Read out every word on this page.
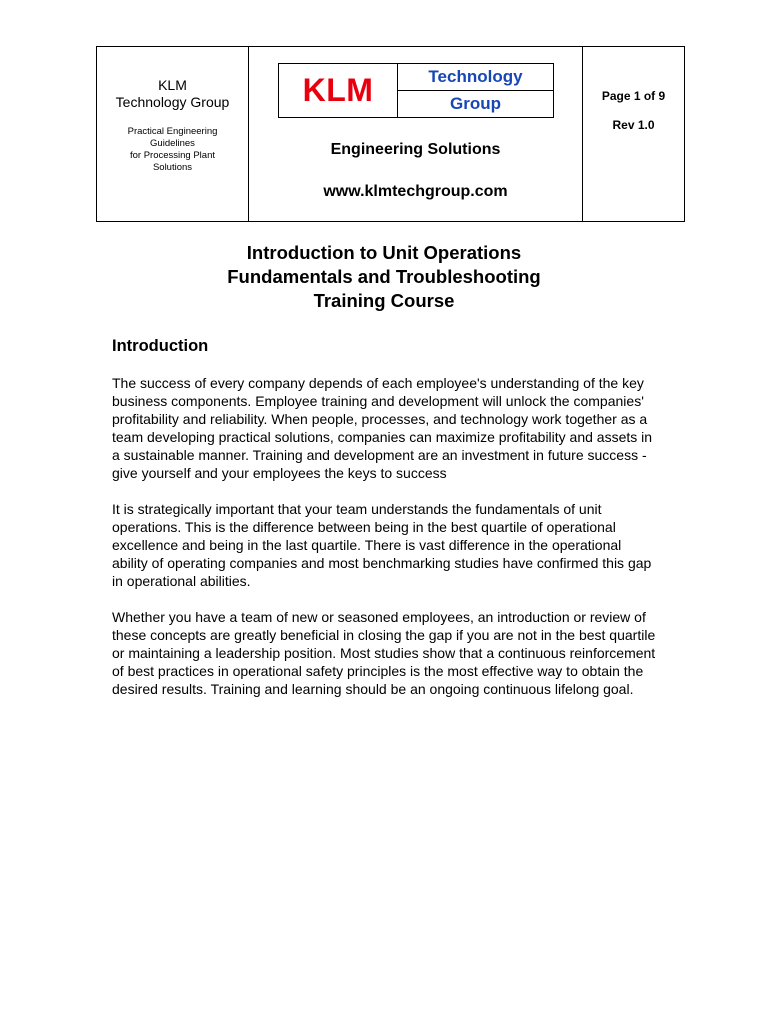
KLM
Technology Group
Practical Engineering
Guidelines
for Processing Plant
Solutions
KLM	Technology
Group
Engineering Solutions
www.klmtechgroup.com
Page 1 of 9
Rev 1.0
Introduction to Unit Operations
Fundamentals and Troubleshooting
Training Course
Introduction

The success of every company depends of each employee's understanding of the key business components. Employee training and development will unlock the companies' profitability and reliability. When people, processes, and technology work together as a team developing practical solutions, companies can maximize profitability and assets in a sustainable manner. Training and development are an investment in future success - give yourself and your employees the keys to success

It is strategically important that your team understands the fundamentals of unit operations. This is the difference between being in the best quartile of operational excellence and being in the last quartile. There is vast difference in the operational ability of operating companies and most benchmarking studies have confirmed this gap in operational abilities.

Whether you have a team of new or seasoned employees, an introduction or review of these concepts are greatly beneficial in closing the gap if you are not in the best quartile or maintaining a leadership position. Most studies show that a continuous reinforcement of best practices in operational safety principles is the most effective way to obtain the desired results. Training and learning should be an ongoing continuous lifelong goal.
